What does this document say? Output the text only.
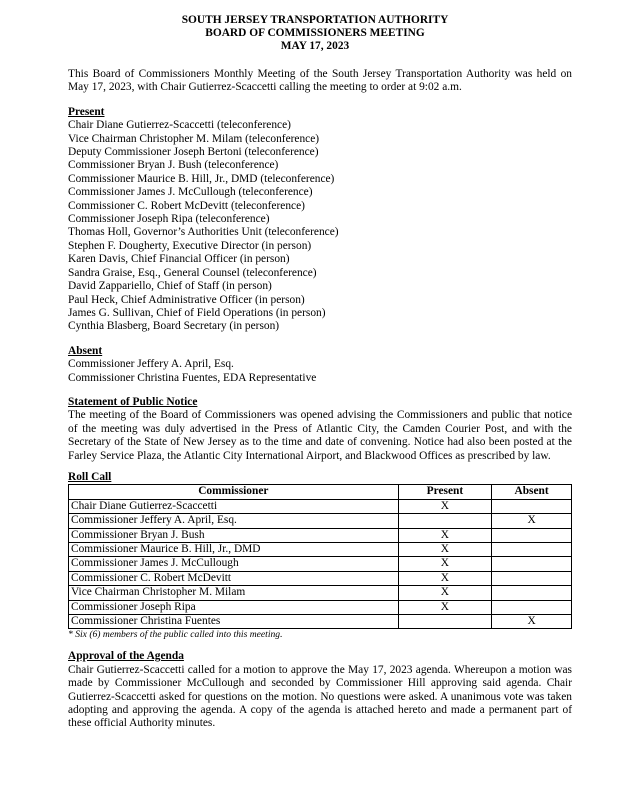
SOUTH JERSEY TRANSPORTATION AUTHORITY
BOARD OF COMMISSIONERS MEETING
MAY 17, 2023
This Board of Commissioners Monthly Meeting of the South Jersey Transportation Authority was held on May 17, 2023, with Chair Gutierrez-Scaccetti calling the meeting to order at 9:02 a.m.
Present
Chair Diane Gutierrez-Scaccetti (teleconference)
Vice Chairman Christopher M. Milam (teleconference)
Deputy Commissioner Joseph Bertoni (teleconference)
Commissioner Bryan J. Bush (teleconference)
Commissioner Maurice B. Hill, Jr., DMD (teleconference)
Commissioner James J. McCullough (teleconference)
Commissioner C. Robert McDevitt (teleconference)
Commissioner Joseph Ripa (teleconference)
Thomas Holl, Governor’s Authorities Unit (teleconference)
Stephen F. Dougherty, Executive Director (in person)
Karen Davis, Chief Financial Officer (in person)
Sandra Graise, Esq., General Counsel (teleconference)
David Zappariello, Chief of Staff (in person)
Paul Heck, Chief Administrative Officer (in person)
James G. Sullivan, Chief of Field Operations (in person)
Cynthia Blasberg, Board Secretary (in person)
Absent
Commissioner Jeffery A. April, Esq.
Commissioner Christina Fuentes, EDA Representative
Statement of Public Notice
The meeting of the Board of Commissioners was opened advising the Commissioners and public that notice of the meeting was duly advertised in the Press of Atlantic City, the Camden Courier Post, and with the Secretary of the State of New Jersey as to the time and date of convening. Notice had also been posted at the Farley Service Plaza, the Atlantic City International Airport, and Blackwood Offices as prescribed by law.
Roll Call
Commissioner	Present	Absent
Chair Diane Gutierrez-Scaccetti	X	
Commissioner Jeffery A. April, Esq.		X
Commissioner Bryan J. Bush	X	
Commissioner Maurice B. Hill, Jr., DMD	X	
Commissioner James J. McCullough	X	
Commissioner C. Robert McDevitt	X	
Vice Chairman Christopher M. Milam	X	
Commissioner Joseph Ripa	X	
Commissioner Christina Fuentes		X
* Six (6) members of the public called into this meeting.
Approval of the Agenda
Chair Gutierrez-Scaccetti called for a motion to approve the May 17, 2023 agenda. Whereupon a motion was made by Commissioner McCullough and seconded by Commissioner Hill approving said agenda. Chair Gutierrez-Scaccetti asked for questions on the motion. No questions were asked. A unanimous vote was taken adopting and approving the agenda. A copy of the agenda is attached hereto and made a permanent part of these official Authority minutes.
